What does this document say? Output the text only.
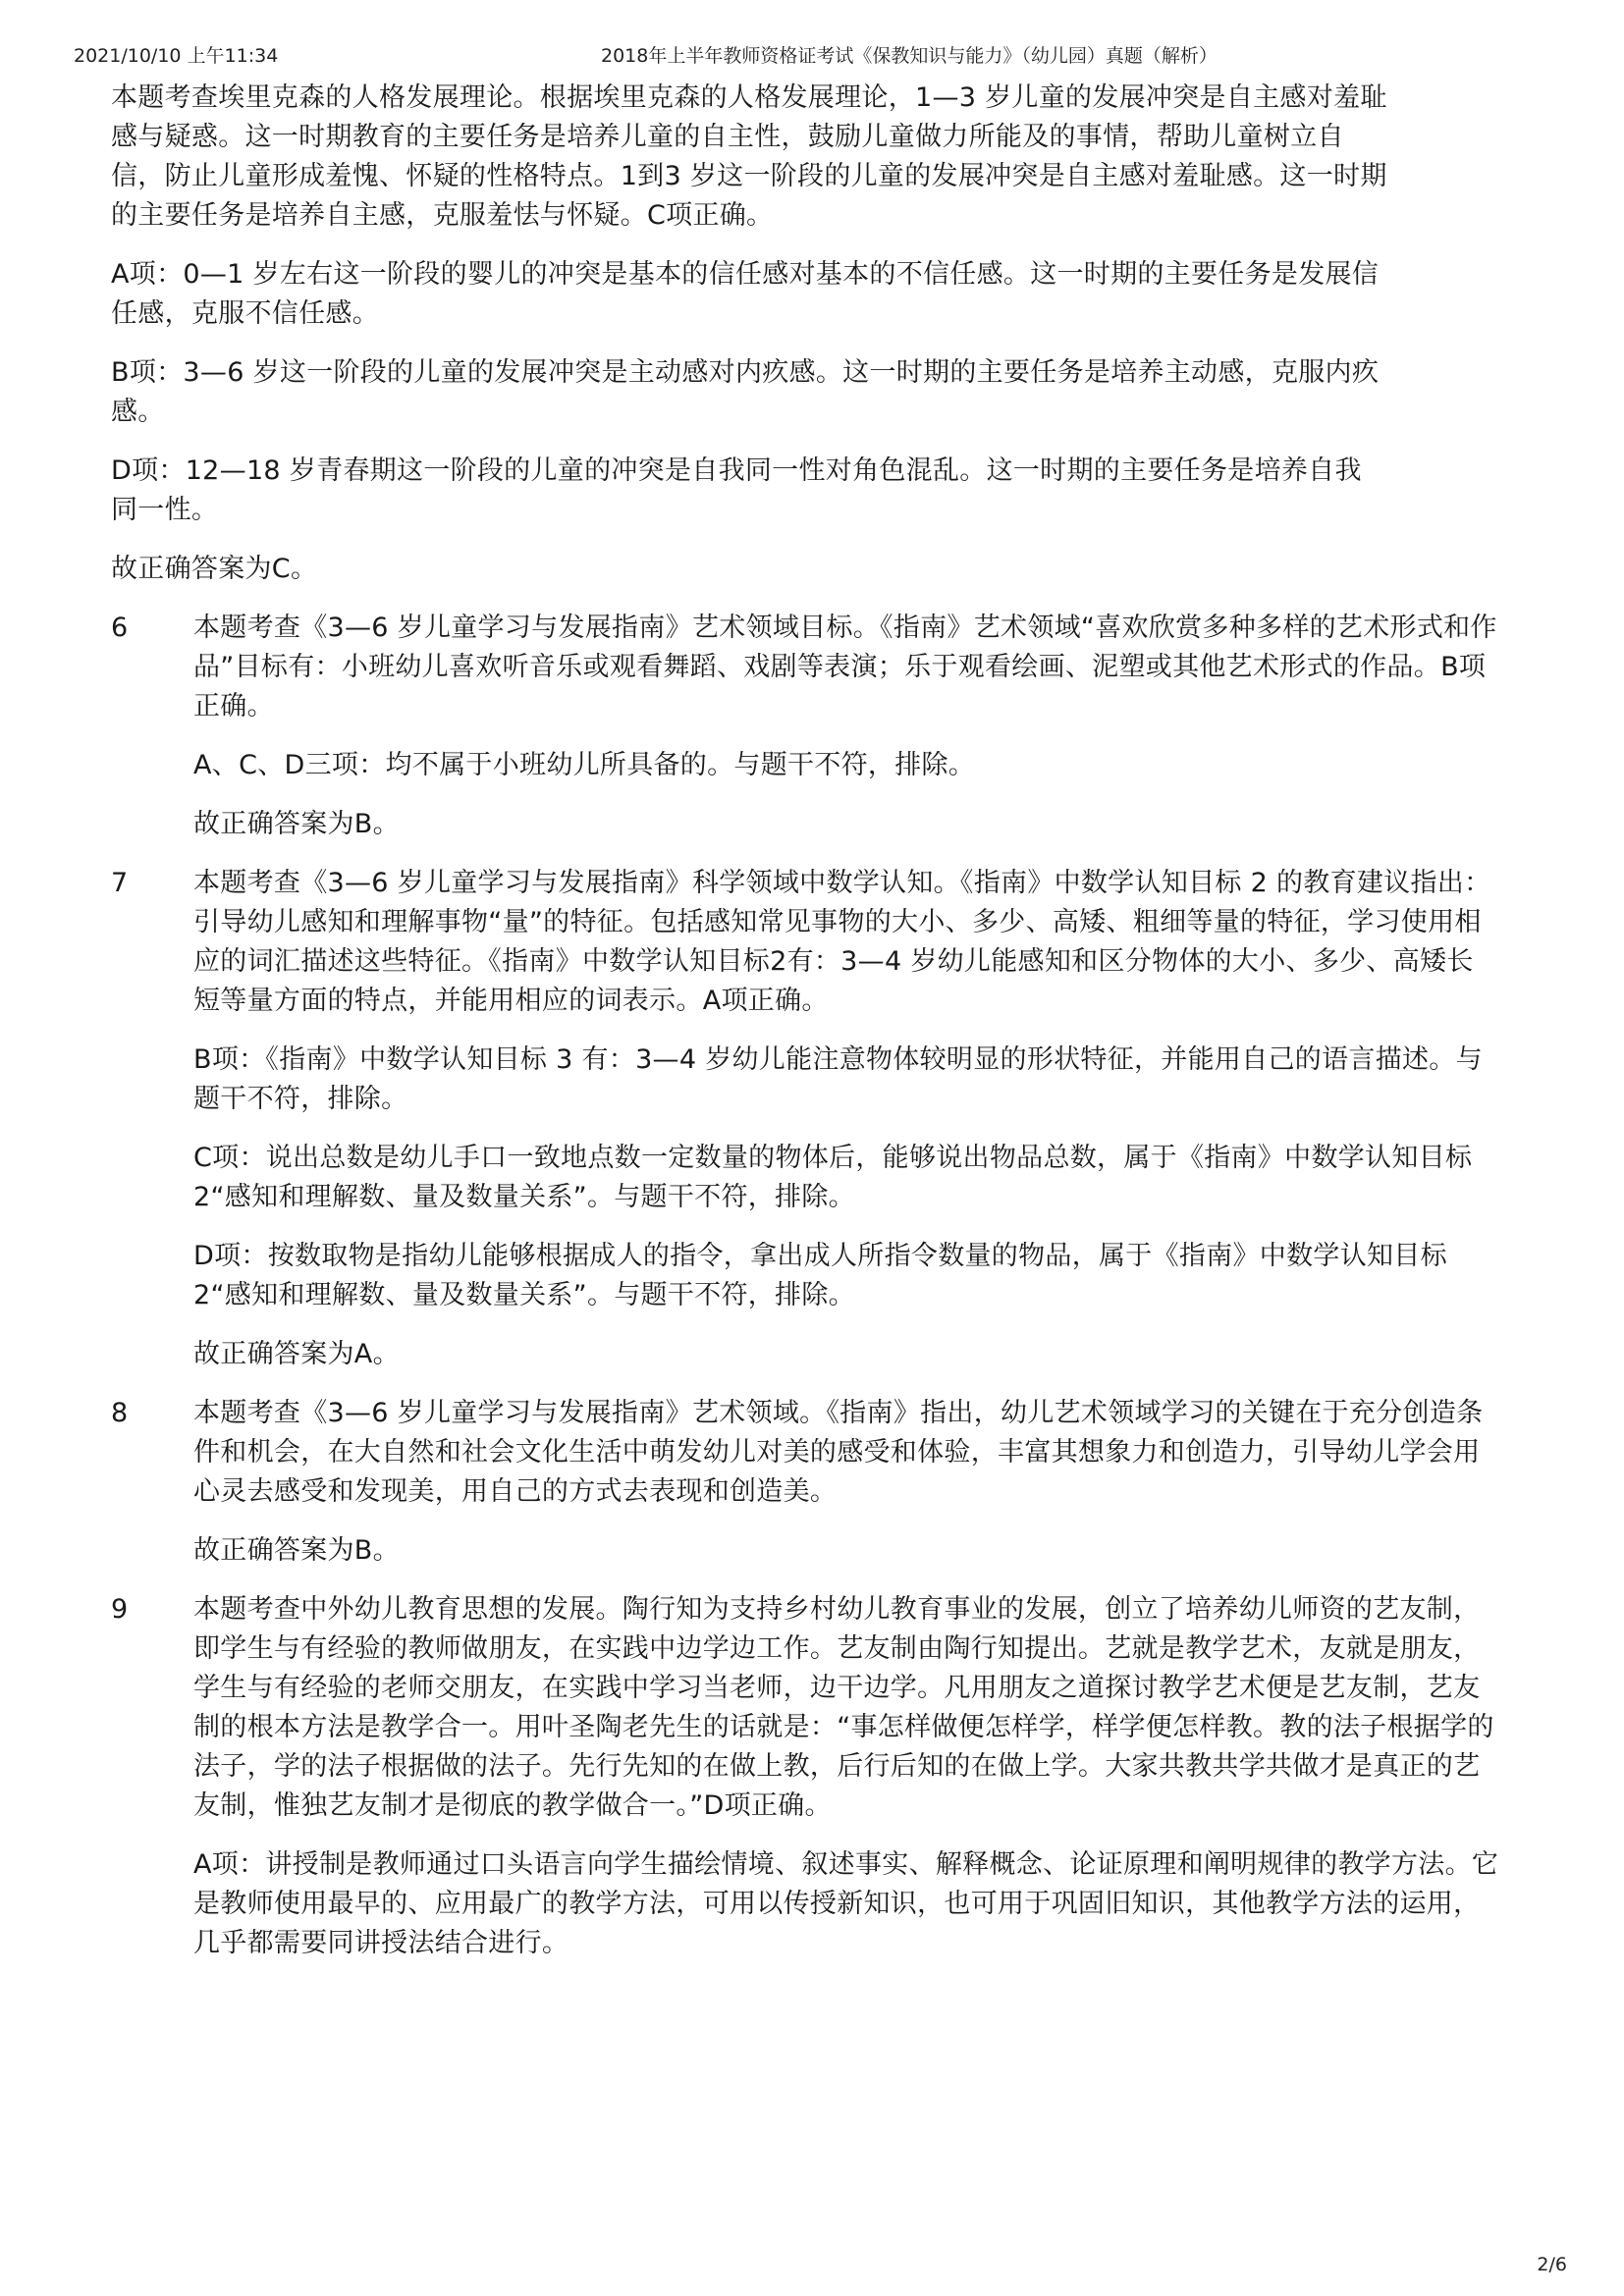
2021/10/10 上午11:34	2018年上半年教师资格证考试《保教知识与能力》（幼儿园）真题（解析）

本题考查埃里克森的人格发展理论。根据埃里克森的人格发展理论，1—3 岁儿童的发展冲突是自主感对羞耻感与疑惑。这一时期教育的主要任务是培养儿童的自主性，鼓励儿童做力所能及的事情，帮助儿童树立自信，防止儿童形成羞愧、怀疑的性格特点。1到3 岁这一阶段的儿童的发展冲突是自主感对羞耻感。这一时期的主要任务是培养自主感，克服羞怯与怀疑。C项正确。

A项：0—1 岁左右这一阶段的婴儿的冲突是基本的信任感对基本的不信任感。这一时期的主要任务是发展信任感，克服不信任感。

B项：3—6 岁这一阶段的儿童的发展冲突是主动感对内疚感。这一时期的主要任务是培养主动感，克服内疚感。

D项：12—18 岁青春期这一阶段的儿童的冲突是自我同一性对角色混乱。这一时期的主要任务是培养自我同一性。

故正确答案为C。

6 本题考查《3—6 岁儿童学习与发展指南》艺术领域目标。《指南》艺术领域“喜欢欣赏多种多样的艺术形式和作品”目标有：小班幼儿喜欢听音乐或观看舞蹈、戏剧等表演；乐于观看绘画、泥塑或其他艺术形式的作品。B项正确。

A、C、D三项：均不属于小班幼儿所具备的。与题干不符，排除。

故正确答案为B。

7 本题考查《3—6 岁儿童学习与发展指南》科学领域中数学认知。《指南》中数学认知目标 2 的教育建议指出：引导幼儿感知和理解事物“量”的特征。包括感知常见事物的大小、多少、高矮、粗细等量的特征，学习使用相应的词汇描述这些特征。《指南》中数学认知目标2有：3—4 岁幼儿能感知和区分物体的大小、多少、高矮长短等量方面的特点，并能用相应的词表示。A项正确。

B项：《指南》中数学认知目标 3 有：3—4 岁幼儿能注意物体较明显的形状特征，并能用自己的语言描述。与题干不符，排除。

C项：说出总数是幼儿手口一致地点数一定数量的物体后，能够说出物品总数，属于《指南》中数学认知目标2“感知和理解数、量及数量关系”。与题干不符，排除。

D项：按数取物是指幼儿能够根据成人的指令，拿出成人所指令数量的物品，属于《指南》中数学认知目标 2“感知和理解数、量及数量关系”。与题干不符，排除。

故正确答案为A。

8 本题考查《3—6 岁儿童学习与发展指南》艺术领域。《指南》指出，幼儿艺术领域学习的关键在于充分创造条件和机会，在大自然和社会文化生活中萌发幼儿对美的感受和体验，丰富其想象力和创造力，引导幼儿学会用心灵去感受和发现美，用自己的方式去表现和创造美。

故正确答案为B。

9 本题考查中外幼儿教育思想的发展。陶行知为支持乡村幼儿教育事业的发展，创立了培养幼儿师资的艺友制，即学生与有经验的教师做朋友，在实践中边学边工作。艺友制由陶行知提出。艺就是教学艺术，友就是朋友，学生与有经验的老师交朋友，在实践中学习当老师，边干边学。凡用朋友之道探讨教学艺术便是艺友制，艺友制的根本方法是教学合一。用叶圣陶老先生的话就是：“事怎样做便怎样学，样学便怎样教。教的法子根据学的法子，学的法子根据做的法子。先行先知的在做上教，后行后知的在做上学。大家共教共学共做才是真正的艺友制，惟独艺友制才是彻底的教学做合一。”D项正确。

A项：讲授制是教师通过口头语言向学生描绘情境、叙述事实、解释概念、论证原理和阐明规律的教学方法。它是教师使用最早的、应用最广的教学方法，可用以传授新知识，也可用于巩固旧知识，其他教学方法的运用，几乎都需要同讲授法结合进行。

2/6
